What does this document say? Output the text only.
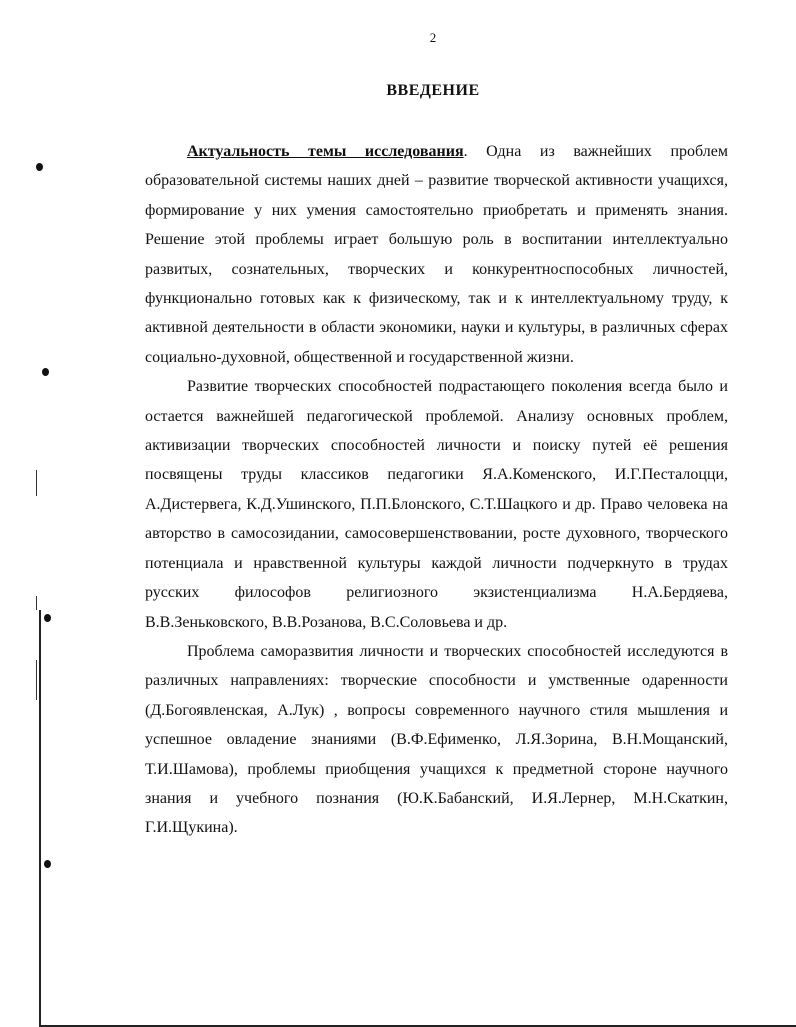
2
ВВЕДЕНИЕ

Актуальность темы исследования. Одна из важнейших проблем образовательной системы наших дней – развитие творческой активности учащихся, формирование у них умения самостоятельно приобретать и применять знания. Решение этой проблемы играет большую роль в воспитании интеллектуально развитых, сознательных, творческих и конкурентноспособных личностей, функционально готовых как к физическому, так и к интеллектуальному труду, к активной деятельности в области экономики, науки и культуры, в различных сферах социально-духовной, общественной и государственной жизни.

Развитие творческих способностей подрастающего поколения всегда было и остается важнейшей педагогической проблемой. Анализу основных проблем, активизации творческих способностей личности и поиску путей её решения посвящены труды классиков педагогики Я.А.Коменского, И.Г.Песталоцци, А.Дистервега, К.Д.Ушинского, П.П.Блонского, С.Т.Шацкого и др. Право человека на авторство в самосозидании, самосовершенствовании, росте духовного, творческого потенциала и нравственной культуры каждой личности подчеркнуто в трудах русских философов религиозного экзистенциализма Н.А.Бердяева, В.В.Зеньковского, В.В.Розанова, В.С.Соловьева и др.

Проблема саморазвития личности и творческих способностей исследуются в различных направлениях: творческие способности и умственные одаренности (Д.Богоявленская, А.Лук) , вопросы современного научного стиля мышления и успешное овладение знаниями (В.Ф.Ефименко, Л.Я.Зорина, В.Н.Мощанский, Т.И.Шамова), проблемы приобщения учащихся к предметной стороне научного знания и учебного познания (Ю.К.Бабанский, И.Я.Лернер, М.Н.Скаткин, Г.И.Щукина).
